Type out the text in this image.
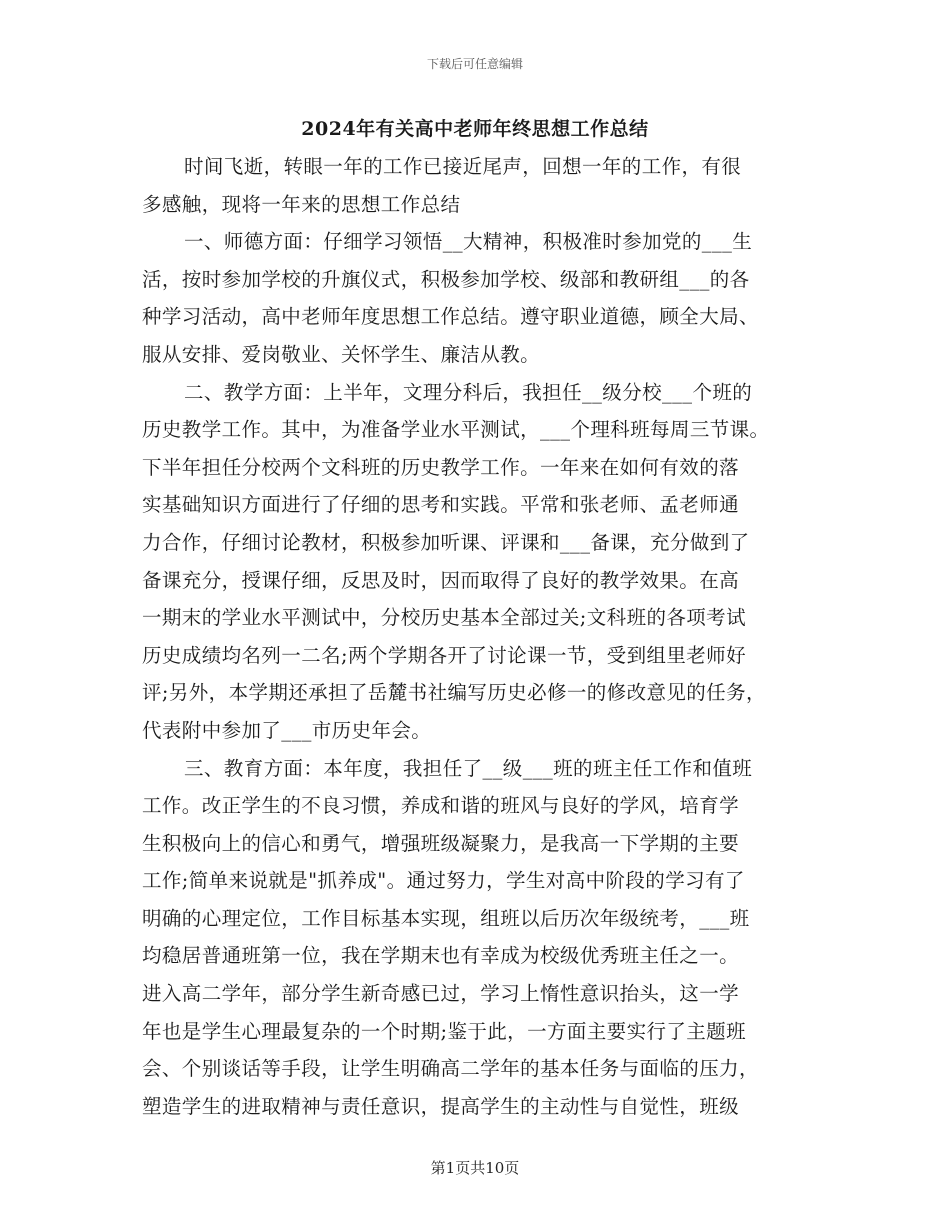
下载后可任意编辑
2024年有关高中老师年终思想工作总结
时间飞逝，转眼一年的工作已接近尾声，回想一年的工作，有很
多感触，现将一年来的思想工作总结
一、师德方面：仔细学习领悟__大精神，积极准时参加党的___生
活，按时参加学校的升旗仪式，积极参加学校、级部和教研组___的各
种学习活动，高中老师年度思想工作总结。遵守职业道德，顾全大局、
服从安排、爱岗敬业、关怀学生、廉洁从教。
二、教学方面：上半年，文理分科后，我担任__级分校___个班的
历史教学工作。其中，为准备学业水平测试，___个理科班每周三节课。
下半年担任分校两个文科班的历史教学工作。一年来在如何有效的落
实基础知识方面进行了仔细的思考和实践。平常和张老师、孟老师通
力合作，仔细讨论教材，积极参加听课、评课和___备课，充分做到了
备课充分，授课仔细，反思及时，因而取得了良好的教学效果。在高
一期末的学业水平测试中，分校历史基本全部过关;文科班的各项考试
历史成绩均名列一二名;两个学期各开了讨论课一节，受到组里老师好
评;另外，本学期还承担了岳麓书社编写历史必修一的修改意见的任务，
代表附中参加了___市历史年会。
三、教育方面：本年度，我担任了__级___班的班主任工作和值班
工作。改正学生的不良习惯，养成和谐的班风与良好的学风，培育学
生积极向上的信心和勇气，增强班级凝聚力，是我高一下学期的主要
工作;简单来说就是"抓养成"。通过努力，学生对高中阶段的学习有了
明确的心理定位，工作目标基本实现，组班以后历次年级统考，___班
均稳居普通班第一位，我在学期末也有幸成为校级优秀班主任之一。
进入高二学年，部分学生新奇感已过，学习上惰性意识抬头，这一学
年也是学生心理最复杂的一个时期;鉴于此，一方面主要实行了主题班
会、个别谈话等手段，让学生明确高二学年的基本任务与面临的压力，
塑造学生的进取精神与责任意识，提高学生的主动性与自觉性，班级
第1页共10页
